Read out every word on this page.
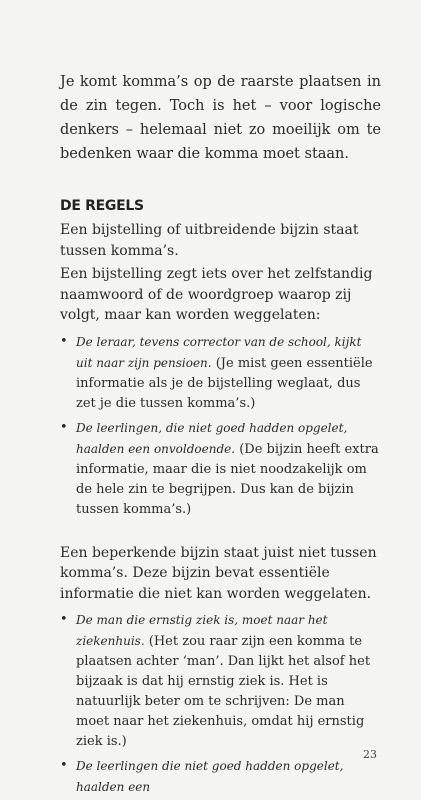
Je komt komma’s op de raarste plaatsen in de zin tegen. Toch is het – voor logische denkers – helemaal niet zo moeilijk om te bedenken waar die komma moet staan.

DE REGELS

Een bijstelling of uitbreidende bijzin staat tussen komma’s.

Een bijstelling zegt iets over het zelfstandig naamwoord of de woordgroep waarop zij volgt, maar kan worden weggelaten:

• De leraar, tevens corrector van de school, kijkt uit naar zijn pensioen. (Je mist geen essentiële informatie als je de bijstelling weglaat, dus zet je die tussen komma’s.)
• De leerlingen, die niet goed hadden opgelet, haalden een onvoldoende. (De bijzin heeft extra informatie, maar die is niet noodzakelijk om de hele zin te begrijpen. Dus kan de bijzin tussen komma’s.)

Een beperkende bijzin staat juist niet tussen komma’s. Deze bijzin bevat essentiële informatie die niet kan worden weggelaten.

• De man die ernstig ziek is, moet naar het ziekenhuis. (Het zou raar zijn een komma te plaatsen achter ‘man’. Dan lijkt het alsof het bijzaak is dat hij ernstig ziek is. Het is natuurlijk beter om te schrijven: De man moet naar het ziekenhuis, omdat hij ernstig ziek is.)
• De leerlingen die niet goed hadden opgelet, haalden een
23
